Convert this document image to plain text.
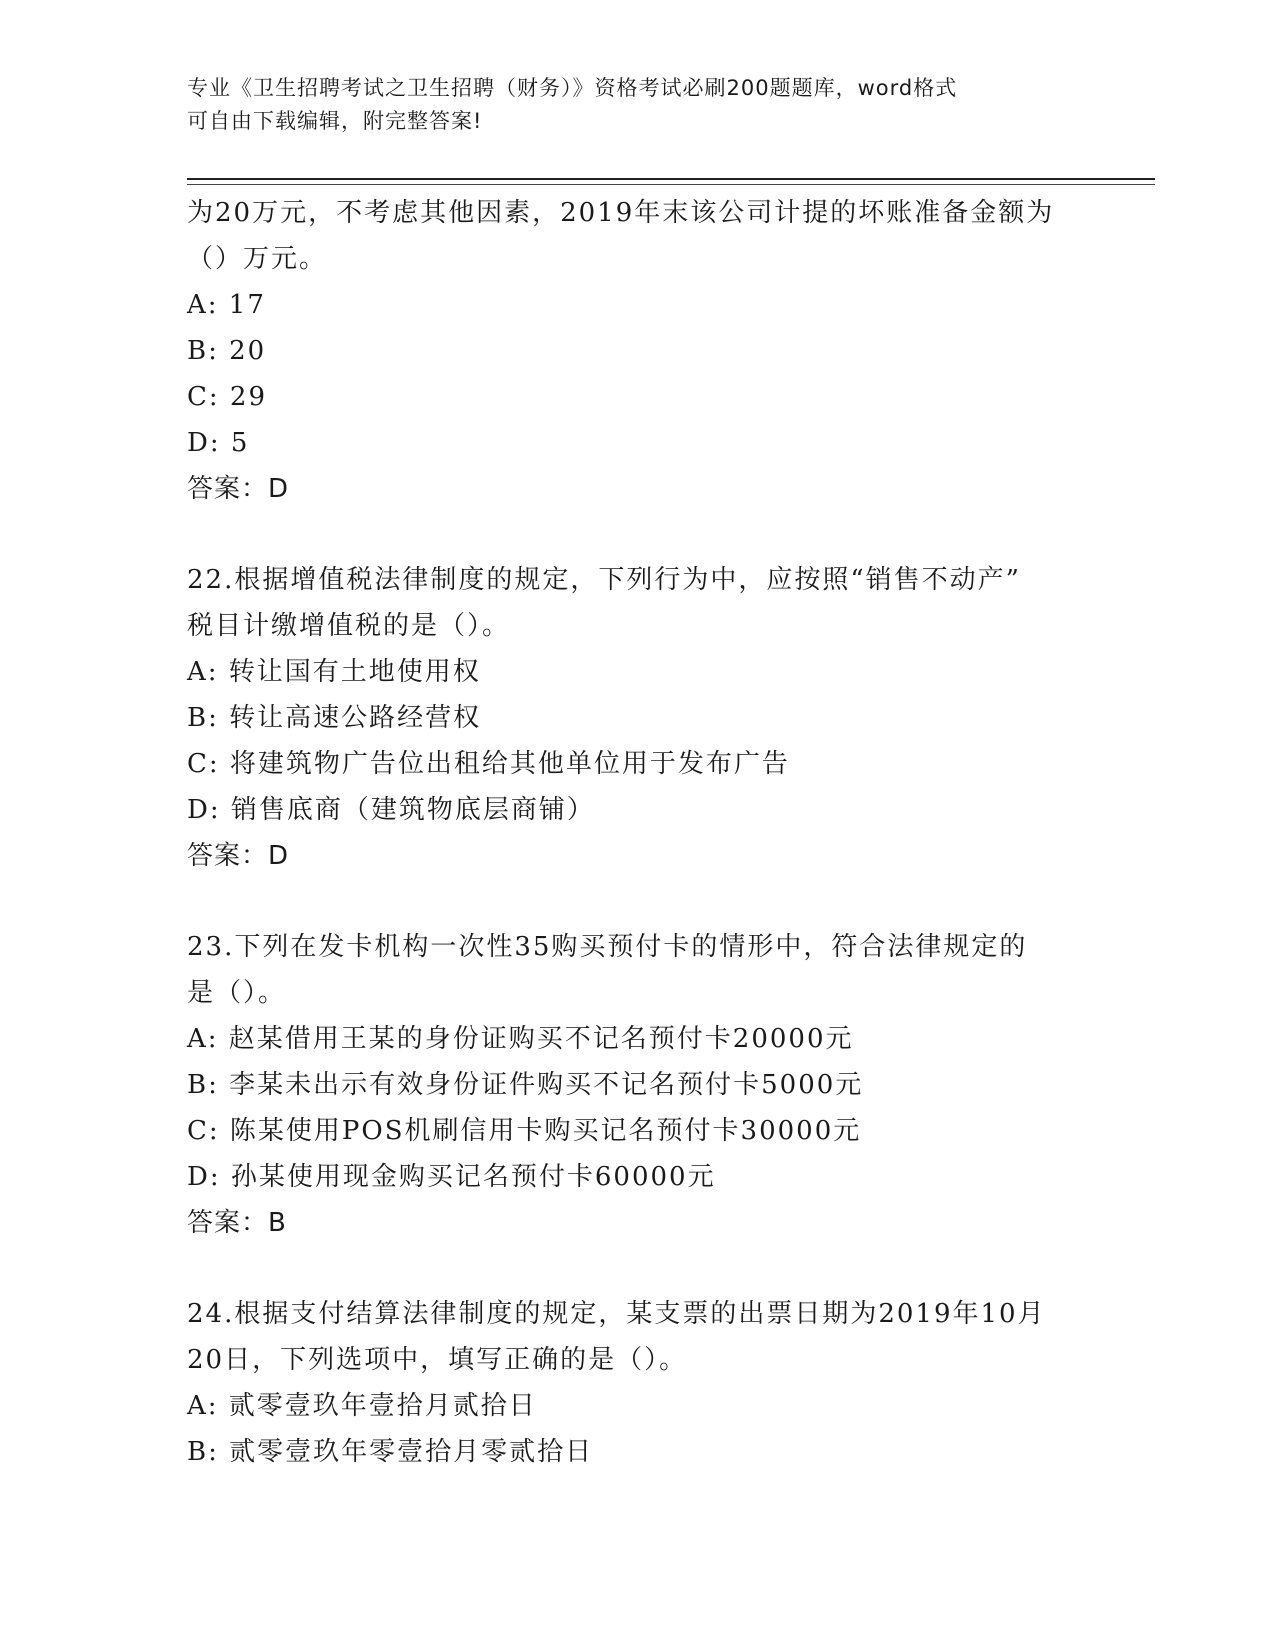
专业《卫生招聘考试之卫生招聘（财务）》资格考试必刷200题题库，word格式
可自由下载编辑，附完整答案!
为20万元，不考虑其他因素，2019年末该公司计提的坏账准备金额为
（）万元。
A: 17
B: 20
C: 29
D: 5
答案：D
22.根据增值税法律制度的规定，下列行为中，应按照“销售不动产”
税目计缴增值税的是（）。
A: 转让国有土地使用权
B: 转让高速公路经营权
C: 将建筑物广告位出租给其他单位用于发布广告
D: 销售底商（建筑物底层商铺）
答案：D
23.下列在发卡机构一次性35购买预付卡的情形中，符合法律规定的
是（）。
A: 赵某借用王某的身份证购买不记名预付卡20000元
B: 李某未出示有效身份证件购买不记名预付卡5000元
C: 陈某使用POS机刷信用卡购买记名预付卡30000元
D: 孙某使用现金购买记名预付卡60000元
答案：B
24.根据支付结算法律制度的规定，某支票的出票日期为2019年10月
20日，下列选项中，填写正确的是（）。
A: 贰零壹玖年壹拾月贰拾日
B: 贰零壹玖年零壹拾月零贰拾日
